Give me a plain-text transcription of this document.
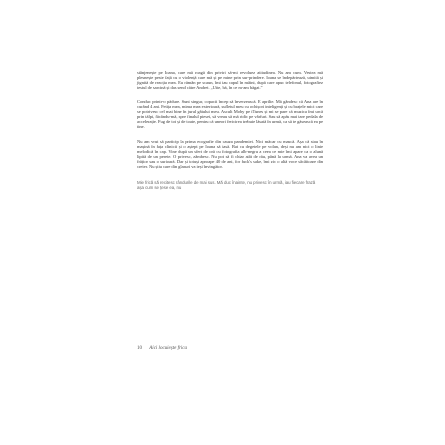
stânjenește pe Ioana, care mă roagă din priviri să-mi revoluez atitudinea. Nu am cum. Vestea mă plesnește peste față cu o violență care mă și pe mine prin sur-prindere. Ioana se îndepărtează, uimită și jignită de reacția mea. Eu rămân pe scaun, îmi iau capul în mâini, după care apuc telefonul, fotografiez testul de sarcină și das send către Andrei. „Uite, bă, în ce m-am băgat.”

Conduc printr-o pădure. Sunt singur, copacii încep să înverzească. E aprilie. Mă gândesc că Ana are în curând 4 ani. Fetița mea, mima mea exterioară, sufletul meu cu ochișori inteligenți și cu brațele mici care se potrivesc cel mai bine în jurul gâtului meu. Ascult Moby pe iTunes și mi se pare că muzica îmi urcă prin tălpi, făcându-mă, spre finalul piesei, să vreau să mă ridic pe vârfuri. Sau să apăs mai tare pedala de accelerație. Fug de tot și de toate, pentru că uneori fericirea trebuie lăsată în urmă, ca să te găsească ea pe tine.

Nu am vrut să particip la prima ecografie din cauza pandemiei. Nici măcar cu mască. Așa că stau în mașină în fața clinicii și o aștept pe Ioana să iasă. Bat cu degetele pe volan, deși nu am nici o linie melodică în cap. Vine după un sfert de oră cu fotografia alb-negru a ceea ce mie îmi apare ca o alună lipită de un perete. O privesc, zâmbesc. Nu pot să fi chiar atât de rău, până la urmă. Ana va avea un frățior sau o surioară. Dar și totuși aproape 40 de ani, for fuck's sake, îmi zic o altă voce sâcâitoare din creier. Nu știu care din glasuri va ieși învingător.

Mie frică să recitesc rândurile de mai sus. Mă duc înainte, nu privesc în urmă, iau fiecare frază așa cum se țese ea, nu

10 Aici locuiește frica
